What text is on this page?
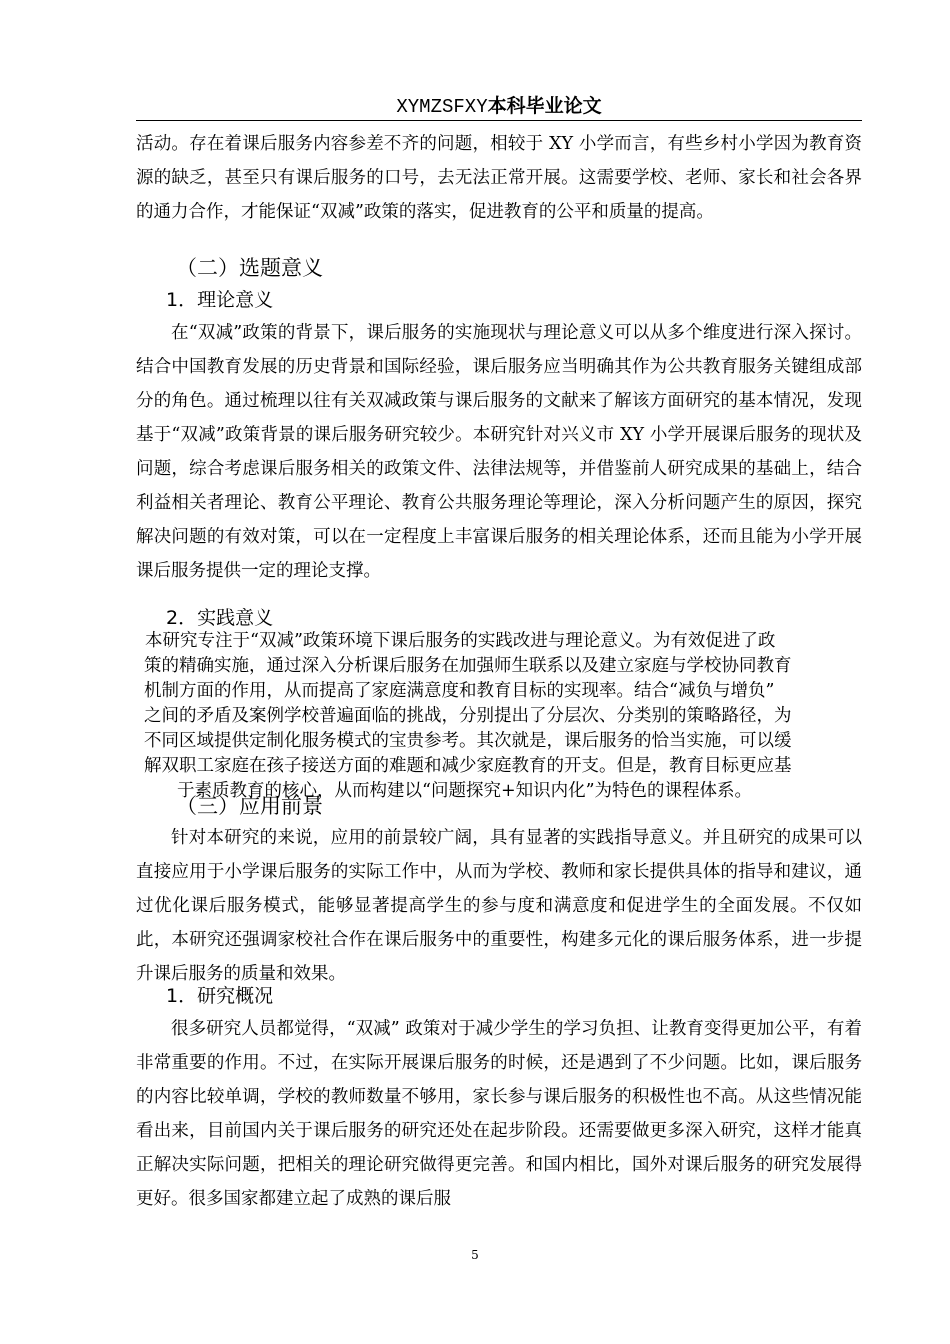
XYMZSFXY本科毕业论文

活动。存在着课后服务内容参差不齐的问题，相较于 XY 小学而言，有些乡村小学因为教育资源的缺乏，甚至只有课后服务的口号，去无法正常开展。这需要学校、老师、家长和社会各界的通力合作，才能保证“双减”政策的落实，促进教育的公平和质量的提高。

（二）选题意义
1．理论意义

在“双减”政策的背景下，课后服务的实施现状与理论意义可以从多个维度进行深入探讨。结合中国教育发展的历史背景和国际经验，课后服务应当明确其作为公共教育服务关键组成部分的角色。通过梳理以往有关双减政策与课后服务的文献来了解该方面研究的基本情况，发现基于“双减”政策背景的课后服务研究较少。本研究针对兴义市 XY 小学开展课后服务的现状及问题，综合考虑课后服务相关的政策文件、法律法规等，并借鉴前人研究成果的基础上，结合利益相关者理论、教育公平理论、教育公共服务理论等理论，深入分析问题产生的原因，探究解决问题的有效对策，可以在一定程度上丰富课后服务的相关理论体系，还而且能为小学开展课后服务提供一定的理论支撑。

2．实践意义

本研究专注于“双减”政策环境下课后服务的实践改进与理论意义。为有效促进了政

策的精确实施，通过深入分析课后服务在加强师生联系以及建立家庭与学校协同教育

机制方面的作用，从而提高了家庭满意度和教育目标的实现率。结合“减负与增负”

之间的矛盾及案例学校普遍面临的挑战，分别提出了分层次、分类别的策略路径，为

不同区域提供定制化服务模式的宝贵参考。其次就是，课后服务的恰当实施，可以缓

解双职工家庭在孩子接送方面的难题和减少家庭教育的开支。但是，教育目标更应基

于素质教育的核心，从而构建以“问题探究+知识内化”为特色的课程体系。

（三）应用前景

针对本研究的来说，应用的前景较广阔，具有显著的实践指导意义。并且研究的成果可以直接应用于小学课后服务的实际工作中，从而为学校、教师和家长提供具体的指导和建议，通过优化课后服务模式，能够显著提高学生的参与度和满意度和促进学生的全面发展。不仅如此，本研究还强调家校社合作在课后服务中的重要性，构建多元化的课后服务体系，进一步提升课后服务的质量和效果。

1．研究概况

很多研究人员都觉得，“双减” 政策对于减少学生的学习负担、让教育变得更加公平，有着非常重要的作用。不过，在实际开展课后服务的时候，还是遇到了不少问题。比如，课后服务的内容比较单调，学校的教师数量不够用，家长参与课后服务的积极性也不高。从这些情况能看出来，目前国内关于课后服务的研究还处在起步阶段。还需要做更多深入研究，这样才能真正解决实际问题，把相关的理论研究做得更完善。和国内相比，国外对课后服务的研究发展得更好。很多国家都建立起了成熟的课后服

5
